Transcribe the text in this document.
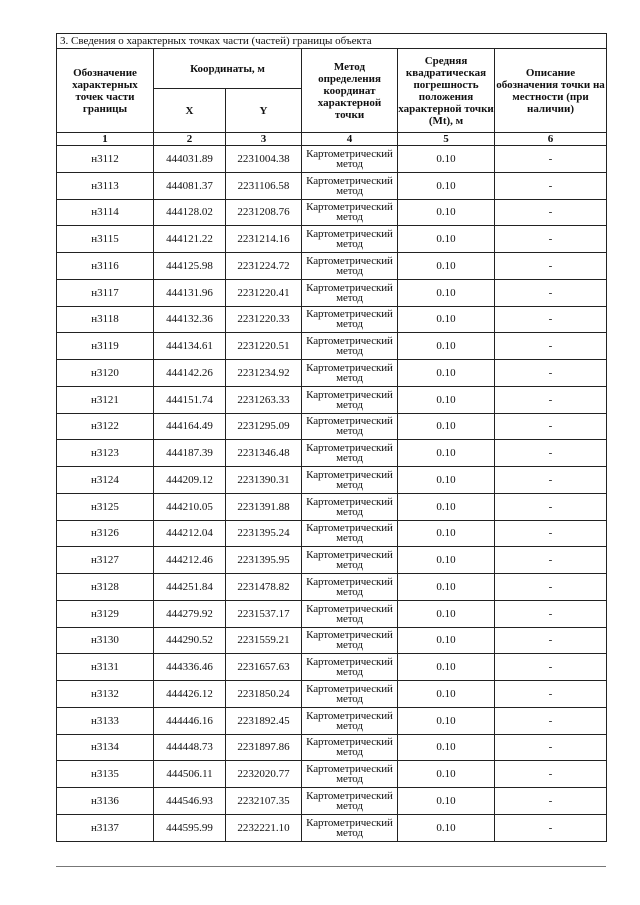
3. Сведения о характерных точках части (частей) границы объекта					
Обозначение характерных точек части границы	Координаты, м		Метод определения координат характерной точки	Средняя квадратическая погрешность положения характерной точки (Mt), м	Описание обозначения точки на местности (при наличии)
	X	Y			
1	2	3	4	5	6
н3112	444031.89	2231004.38	Картометрический метод	0.10	-
н3113	444081.37	2231106.58	Картометрический метод	0.10	-
н3114	444128.02	2231208.76	Картометрический метод	0.10	-
н3115	444121.22	2231214.16	Картометрический метод	0.10	-
н3116	444125.98	2231224.72	Картометрический метод	0.10	-
н3117	444131.96	2231220.41	Картометрический метод	0.10	-
н3118	444132.36	2231220.33	Картометрический метод	0.10	-
н3119	444134.61	2231220.51	Картометрический метод	0.10	-
н3120	444142.26	2231234.92	Картометрический метод	0.10	-
н3121	444151.74	2231263.33	Картометрический метод	0.10	-
н3122	444164.49	2231295.09	Картометрический метод	0.10	-
н3123	444187.39	2231346.48	Картометрический метод	0.10	-
н3124	444209.12	2231390.31	Картометрический метод	0.10	-
н3125	444210.05	2231391.88	Картометрический метод	0.10	-
н3126	444212.04	2231395.24	Картометрический метод	0.10	-
н3127	444212.46	2231395.95	Картометрический метод	0.10	-
н3128	444251.84	2231478.82	Картометрический метод	0.10	-
н3129	444279.92	2231537.17	Картометрический метод	0.10	-
н3130	444290.52	2231559.21	Картометрический метод	0.10	-
н3131	444336.46	2231657.63	Картометрический метод	0.10	-
н3132	444426.12	2231850.24	Картометрический метод	0.10	-
н3133	444446.16	2231892.45	Картометрический метод	0.10	-
н3134	444448.73	2231897.86	Картометрический метод	0.10	-
н3135	444506.11	2232020.77	Картометрический метод	0.10	-
н3136	444546.93	2232107.35	Картометрический метод	0.10	-
н3137	444595.99	2232221.10	Картометрический метод	0.10	-
